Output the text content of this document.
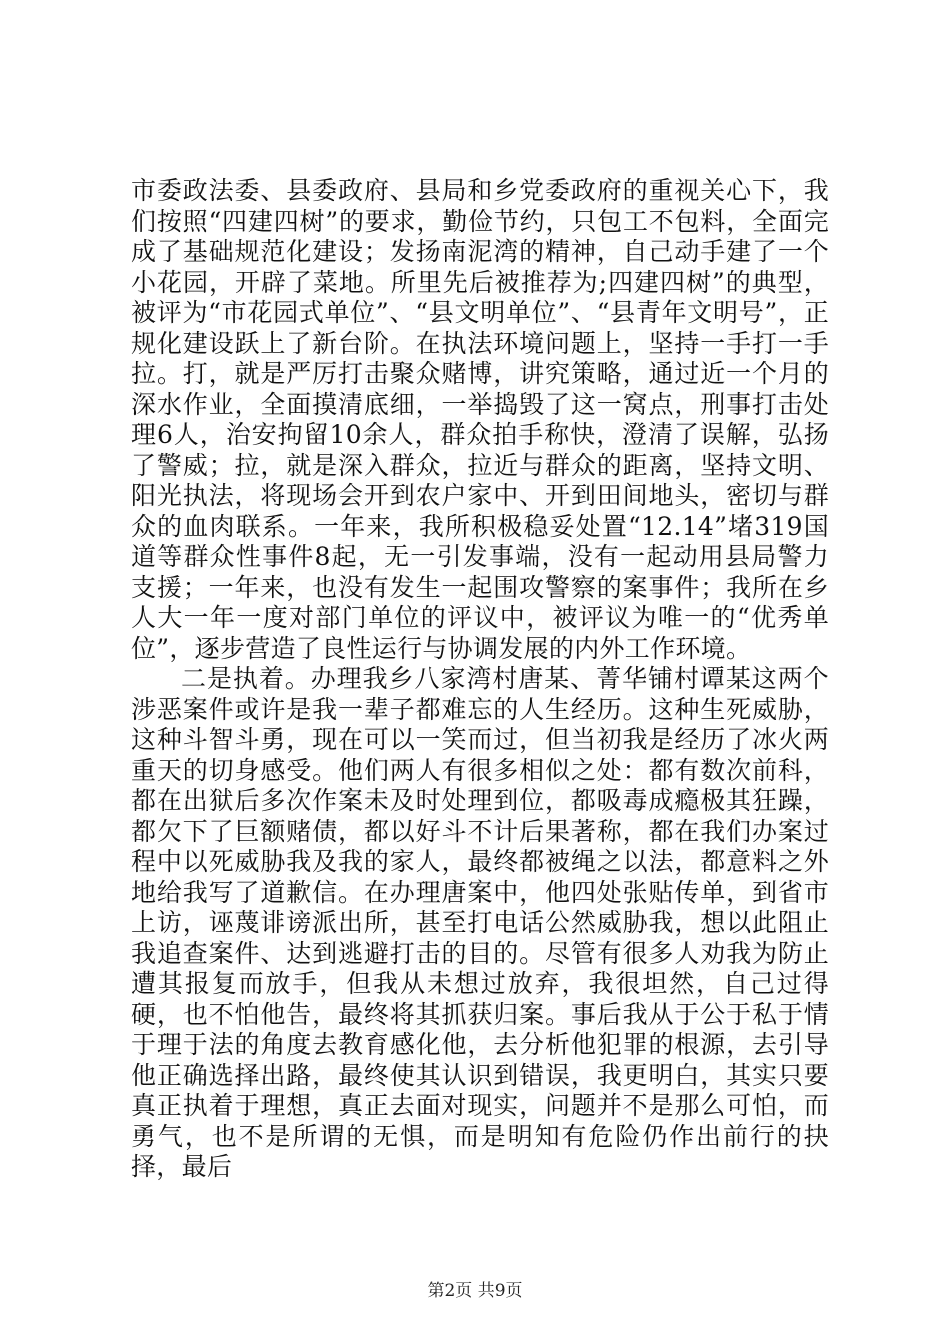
市委政法委、县委政府、县局和乡党委政府的重视关心下，我们按照“四建四树”的要求，勤俭节约，只包工不包料，全面完成了基础规范化建设；发扬南泥湾的精神，自己动手建了一个小花园，开辟了菜地。所里先后被推荐为;四建四树”的典型，被评为“市花园式单位”、“县文明单位”、“县青年文明号”，正规化建设跃上了新台阶。在执法环境问题上，坚持一手打一手拉。打，就是严厉打击聚众赌博，讲究策略，通过近一个月的深水作业，全面摸清底细，一举捣毁了这一窝点，刑事打击处理6人，治安拘留10余人，群众拍手称快，澄清了误解，弘扬了警威；拉，就是深入群众，拉近与群众的距离，坚持文明、阳光执法，将现场会开到农户家中、开到田间地头，密切与群众的血肉联系。一年来，我所积极稳妥处置“12.14”堵319国道等群众性事件8起，无一引发事端，没有一起动用县局警力支援；一年来，也没有发生一起围攻警察的案事件；我所在乡人大一年一度对部门单位的评议中，被评议为唯一的“优秀单位”，逐步营造了良性运行与协调发展的内外工作环境。

二是执着。办理我乡八家湾村唐某、菁华铺村谭某这两个涉恶案件或许是我一辈子都难忘的人生经历。这种生死威胁，这种斗智斗勇，现在可以一笑而过，但当初我是经历了冰火两重天的切身感受。他们两人有很多相似之处：都有数次前科，都在出狱后多次作案未及时处理到位，都吸毒成瘾极其狂躁，都欠下了巨额赌债，都以好斗不计后果著称，都在我们办案过程中以死威胁我及我的家人，最终都被绳之以法，都意料之外地给我写了道歉信。在办理唐案中，他四处张贴传单，到省市上访，诬蔑诽谤派出所，甚至打电话公然威胁我，想以此阻止我追查案件、达到逃避打击的目的。尽管有很多人劝我为防止遭其报复而放手，但我从未想过放弃，我很坦然，自己过得硬，也不怕他告，最终将其抓获归案。事后我从于公于私于情于理于法的角度去教育感化他，去分析他犯罪的根源，去引导他正确选择出路，最终使其认识到错误，我更明白，其实只要真正执着于理想，真正去面对现实，问题并不是那么可怕，而勇气，也不是所谓的无惧，而是明知有危险仍作出前行的抉择，最后

第2页 共9页
